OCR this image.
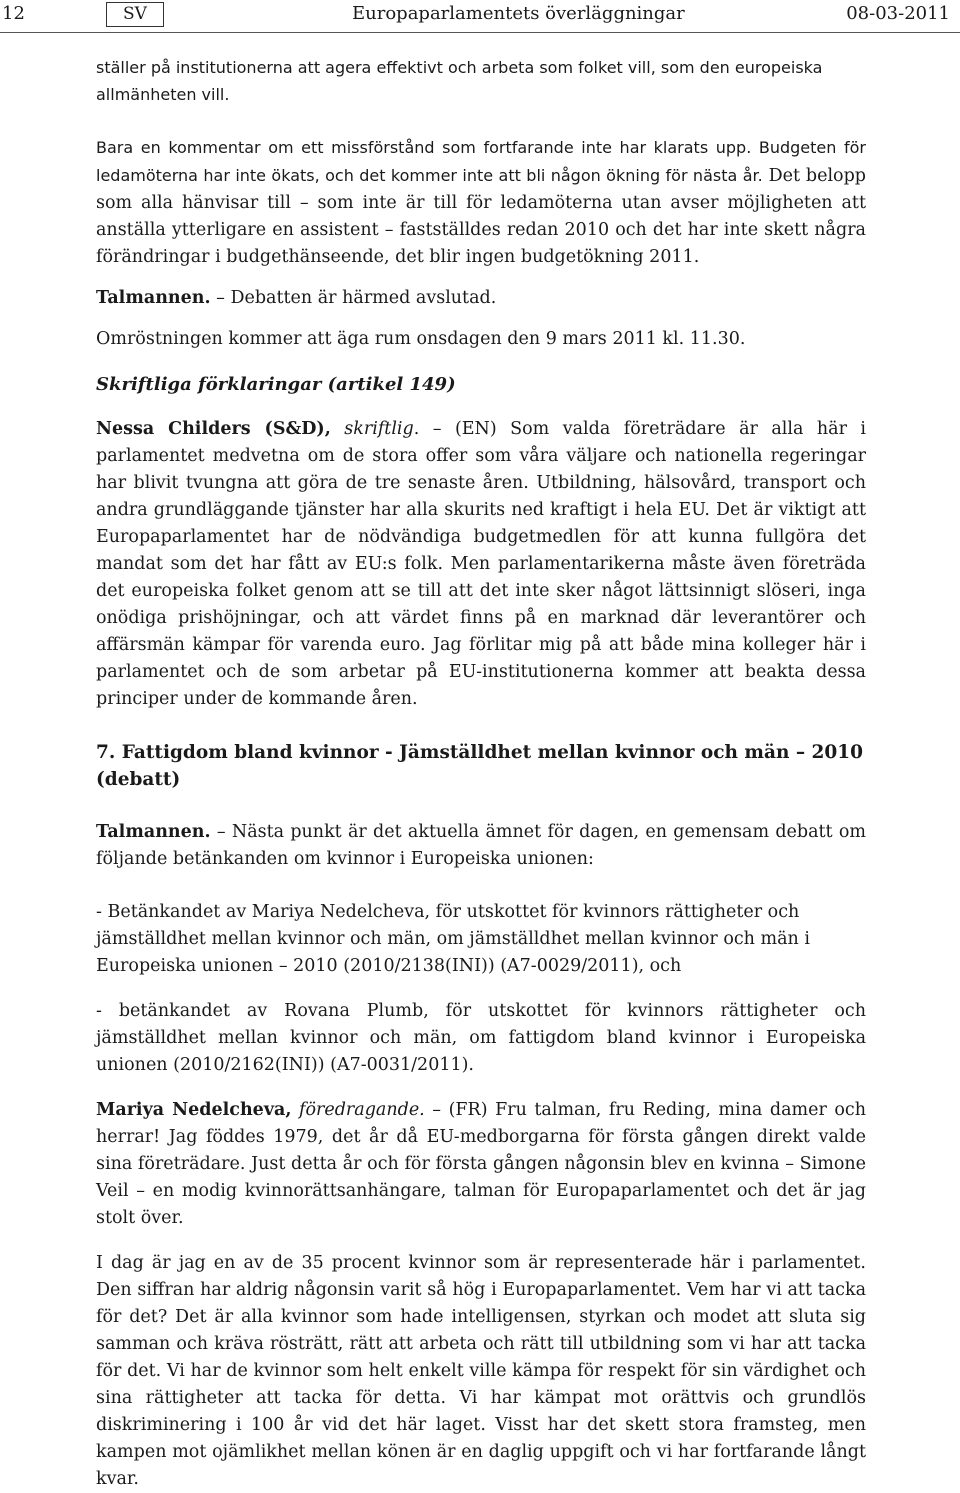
12	SV	Europaparlamentets överläggningar	08-03-2011

ställer på institutionerna att agera effektivt och arbeta som folket vill, som den europeiska allmänheten vill.

Bara en kommentar om ett missförstånd som fortfarande inte har klarats upp. Budgeten för ledamöterna har inte ökats, och det kommer inte att bli någon ökning för nästa år. Det belopp som alla hänvisar till – som inte är till för ledamöterna utan avser möjligheten att anställa ytterligare en assistent – fastställdes redan 2010 och det har inte skett några förändringar i budgethänseende, det blir ingen budgetökning 2011.

Talmannen. – Debatten är härmed avslutad.

Omröstningen kommer att äga rum onsdagen den 9 mars 2011 kl. 11.30.

Skriftliga förklaringar (artikel 149)

Nessa Childers (S&D), skriftlig. – (EN) Som valda företrädare är alla här i parlamentet medvetna om de stora offer som våra väljare och nationella regeringar har blivit tvungna att göra de tre senaste åren. Utbildning, hälsovård, transport och andra grundläggande tjänster har alla skurits ned kraftigt i hela EU. Det är viktigt att Europaparlamentet har de nödvändiga budgetmedlen för att kunna fullgöra det mandat som det har fått av EU:s folk. Men parlamentarikerna måste även företräda det europeiska folket genom att se till att det inte sker något lättsinnigt slöseri, inga onödiga prishöjningar, och att värdet finns på en marknad där leverantörer och affärsmän kämpar för varenda euro. Jag förlitar mig på att både mina kolleger här i parlamentet och de som arbetar på EU-institutionerna kommer att beakta dessa principer under de kommande åren.

7. Fattigdom bland kvinnor - Jämställdhet mellan kvinnor och män – 2010 (debatt)

Talmannen. – Nästa punkt är det aktuella ämnet för dagen, en gemensam debatt om följande betänkanden om kvinnor i Europeiska unionen:

- Betänkandet av Mariya Nedelcheva, för utskottet för kvinnors rättigheter och jämställdhet mellan kvinnor och män, om jämställdhet mellan kvinnor och män i Europeiska unionen – 2010 (2010/2138(INI)) (A7-0029/2011), och

- betänkandet av Rovana Plumb, för utskottet för kvinnors rättigheter och jämställdhet mellan kvinnor och män, om fattigdom bland kvinnor i Europeiska unionen (2010/2162(INI)) (A7-0031/2011).

Mariya Nedelcheva, föredragande. – (FR) Fru talman, fru Reding, mina damer och herrar! Jag föddes 1979, det år då EU-medborgarna för första gången direkt valde sina företrädare. Just detta år och för första gången någonsin blev en kvinna – Simone Veil – en modig kvinnorättsanhängare, talman för Europaparlamentet och det är jag stolt över.

I dag är jag en av de 35 procent kvinnor som är representerade här i parlamentet. Den siffran har aldrig någonsin varit så hög i Europaparlamentet. Vem har vi att tacka för det? Det är alla kvinnor som hade intelligensen, styrkan och modet att sluta sig samman och kräva rösträtt, rätt att arbeta och rätt till utbildning som vi har att tacka för det. Vi har de kvinnor som helt enkelt ville kämpa för respekt för sin värdighet och sina rättigheter att tacka för detta. Vi har kämpat mot orättvis och grundlös diskriminering i 100 år vid det här laget. Visst har det skett stora framsteg, men kampen mot ojämlikhet mellan könen är en daglig uppgift och vi har fortfarande långt kvar.
